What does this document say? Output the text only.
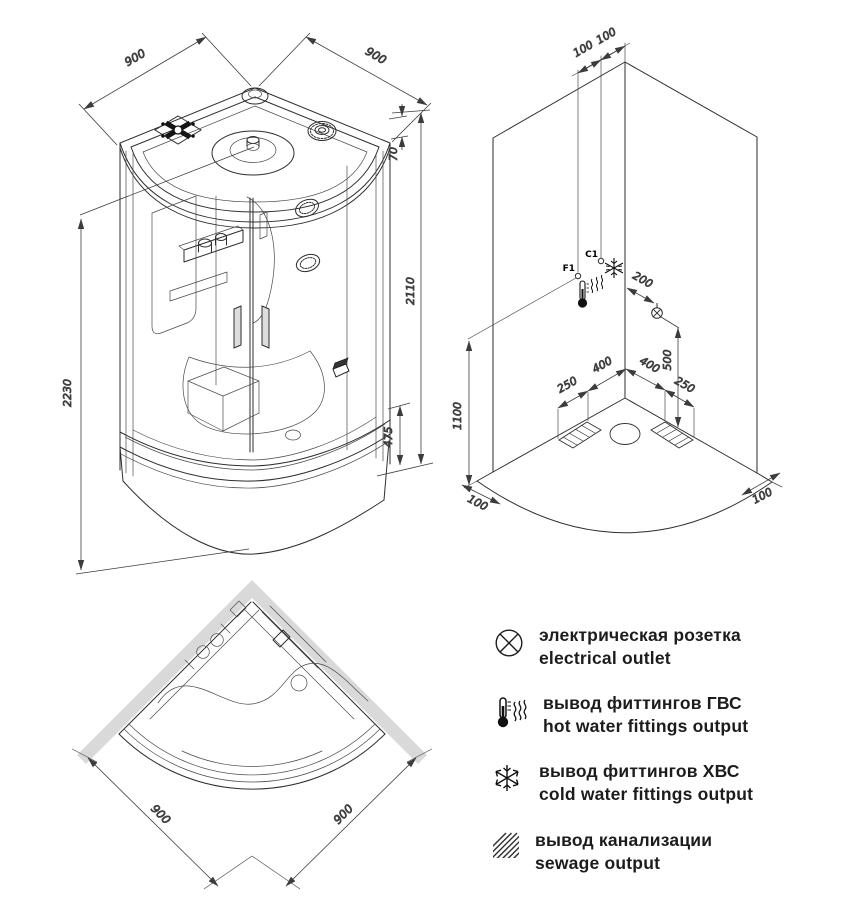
900	900
70
2110
475
2230
F1
C1
100
100
200
500
1100
400
250
400
250
100	100
900	900
электрическая розетка
electrical outlet
вывод фиттингов ГВС
hot water fittings output
вывод фиттингов ХВС
cold water fittings output
вывод канализации
sewage output
